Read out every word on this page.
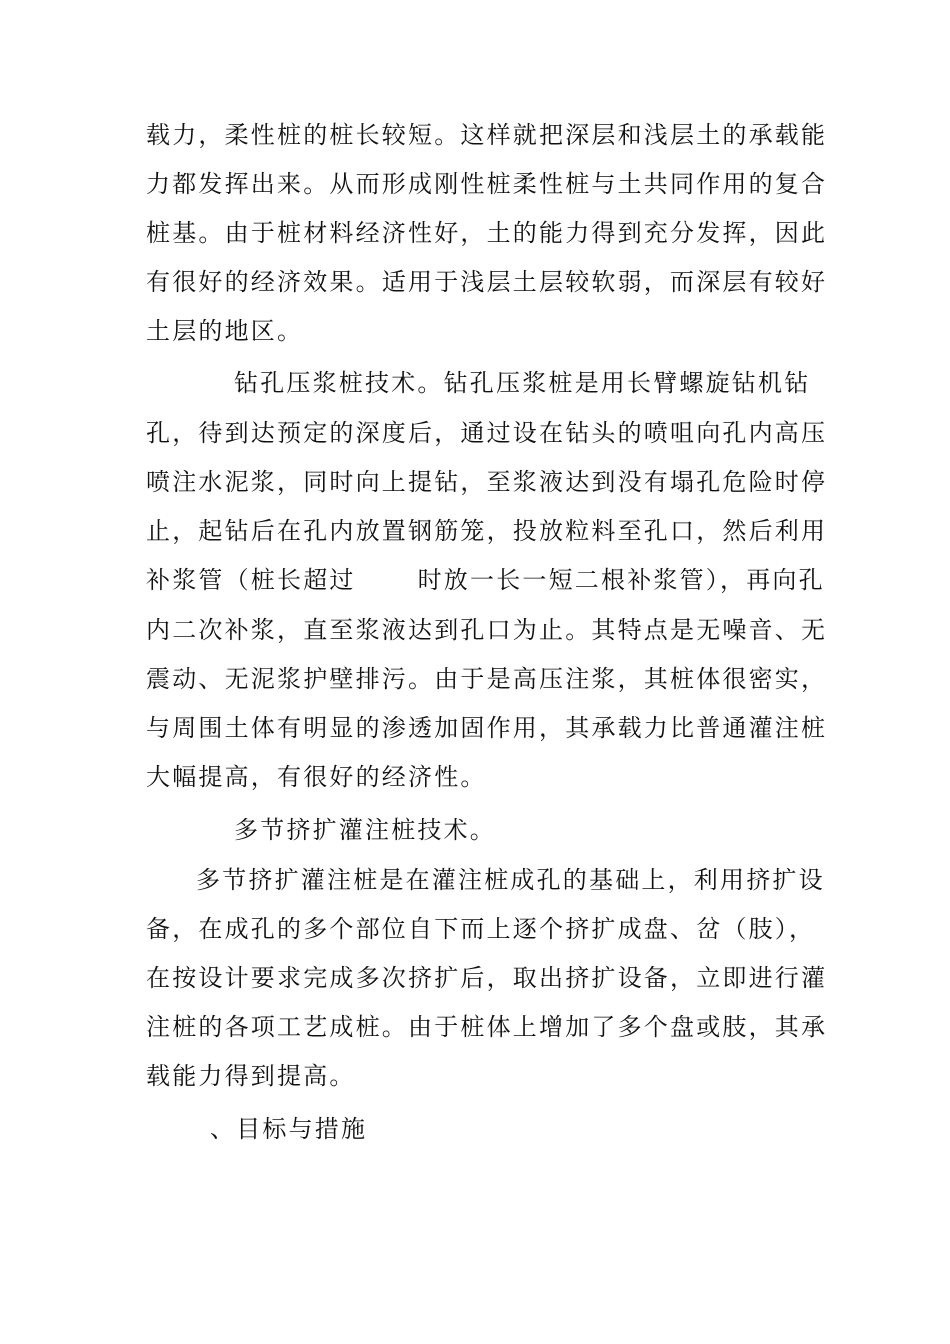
载力，柔性桩的桩长较短。这样就把深层和浅层土的承载能
力都发挥出来。从而形成刚性桩柔性桩与土共同作用的复合
桩基。由于桩材料经济性好，土的能力得到充分发挥，因此
有很好的经济效果。适用于浅层土层较软弱，而深层有较好
土层的地区。
钻孔压浆桩技术。钻孔压浆桩是用长臂螺旋钻机钻
孔，待到达预定的深度后，通过设在钻头的喷咀向孔内高压
喷注水泥浆，同时向上提钻，至浆液达到没有塌孔危险时停
止，起钻后在孔内放置钢筋笼，投放粒料至孔口，然后利用
补浆管（桩长超过	时放一长一短二根补浆管），再向孔
内二次补浆，直至浆液达到孔口为止。其特点是无噪音、无
震动、无泥浆护壁排污。由于是高压注浆，其桩体很密实，
与周围土体有明显的渗透加固作用，其承载力比普通灌注桩
大幅提高，有很好的经济性。
多节挤扩灌注桩技术。
多节挤扩灌注桩是在灌注桩成孔的基础上，利用挤扩设
备，在成孔的多个部位自下而上逐个挤扩成盘、岔（肢），
在按设计要求完成多次挤扩后，取出挤扩设备，立即进行灌
注桩的各项工艺成桩。由于桩体上增加了多个盘或肢，其承
载能力得到提高。
、目标与措施
